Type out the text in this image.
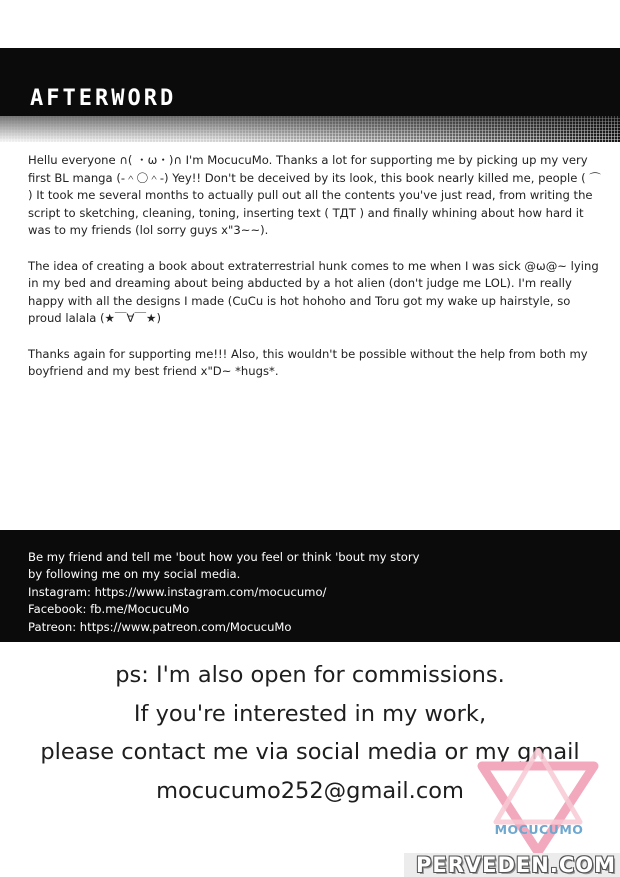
AFTERWORD

Hellu everyone ∩( ・ω・)∩ I'm MocucuMo. Thanks a lot for supporting me by picking up my very first BL manga (-＾〇＾-) Yey!! Don't be deceived by its look, this book nearly killed me, people ( ⌒ ) It took me several months to actually pull out all the contents you've just read, from writing the script to sketching, cleaning, toning, inserting text ( TДT ) and finally whining about how hard it was to my friends (lol sorry guys x"3~~).

The idea of creating a book about extraterrestrial hunk comes to me when I was sick @ω@~ lying in my bed and dreaming about being abducted by a hot alien (don't judge me LOL). I'm really happy with all the designs I made (CuCu is hot hohoho and Toru got my wake up hairstyle, so proud lalala (★￣∀￣★)

Thanks again for supporting me!!! Also, this wouldn't be possible without the help from both my boyfriend and my best friend x"D~ *hugs*.

Be my friend and tell me 'bout how you feel or think 'bout my story
by following me on my social media.
Instagram: https://www.instagram.com/mocucumo/
Facebook: fb.me/MocucuMo
Patreon: https://www.patreon.com/MocucuMo
ps: I'm also open for commissions.
If you're interested in my work,
please contact me via social media or my gmail
mocucumo252@gmail.com
MOCUCUMO
PERVEDEN.COM
